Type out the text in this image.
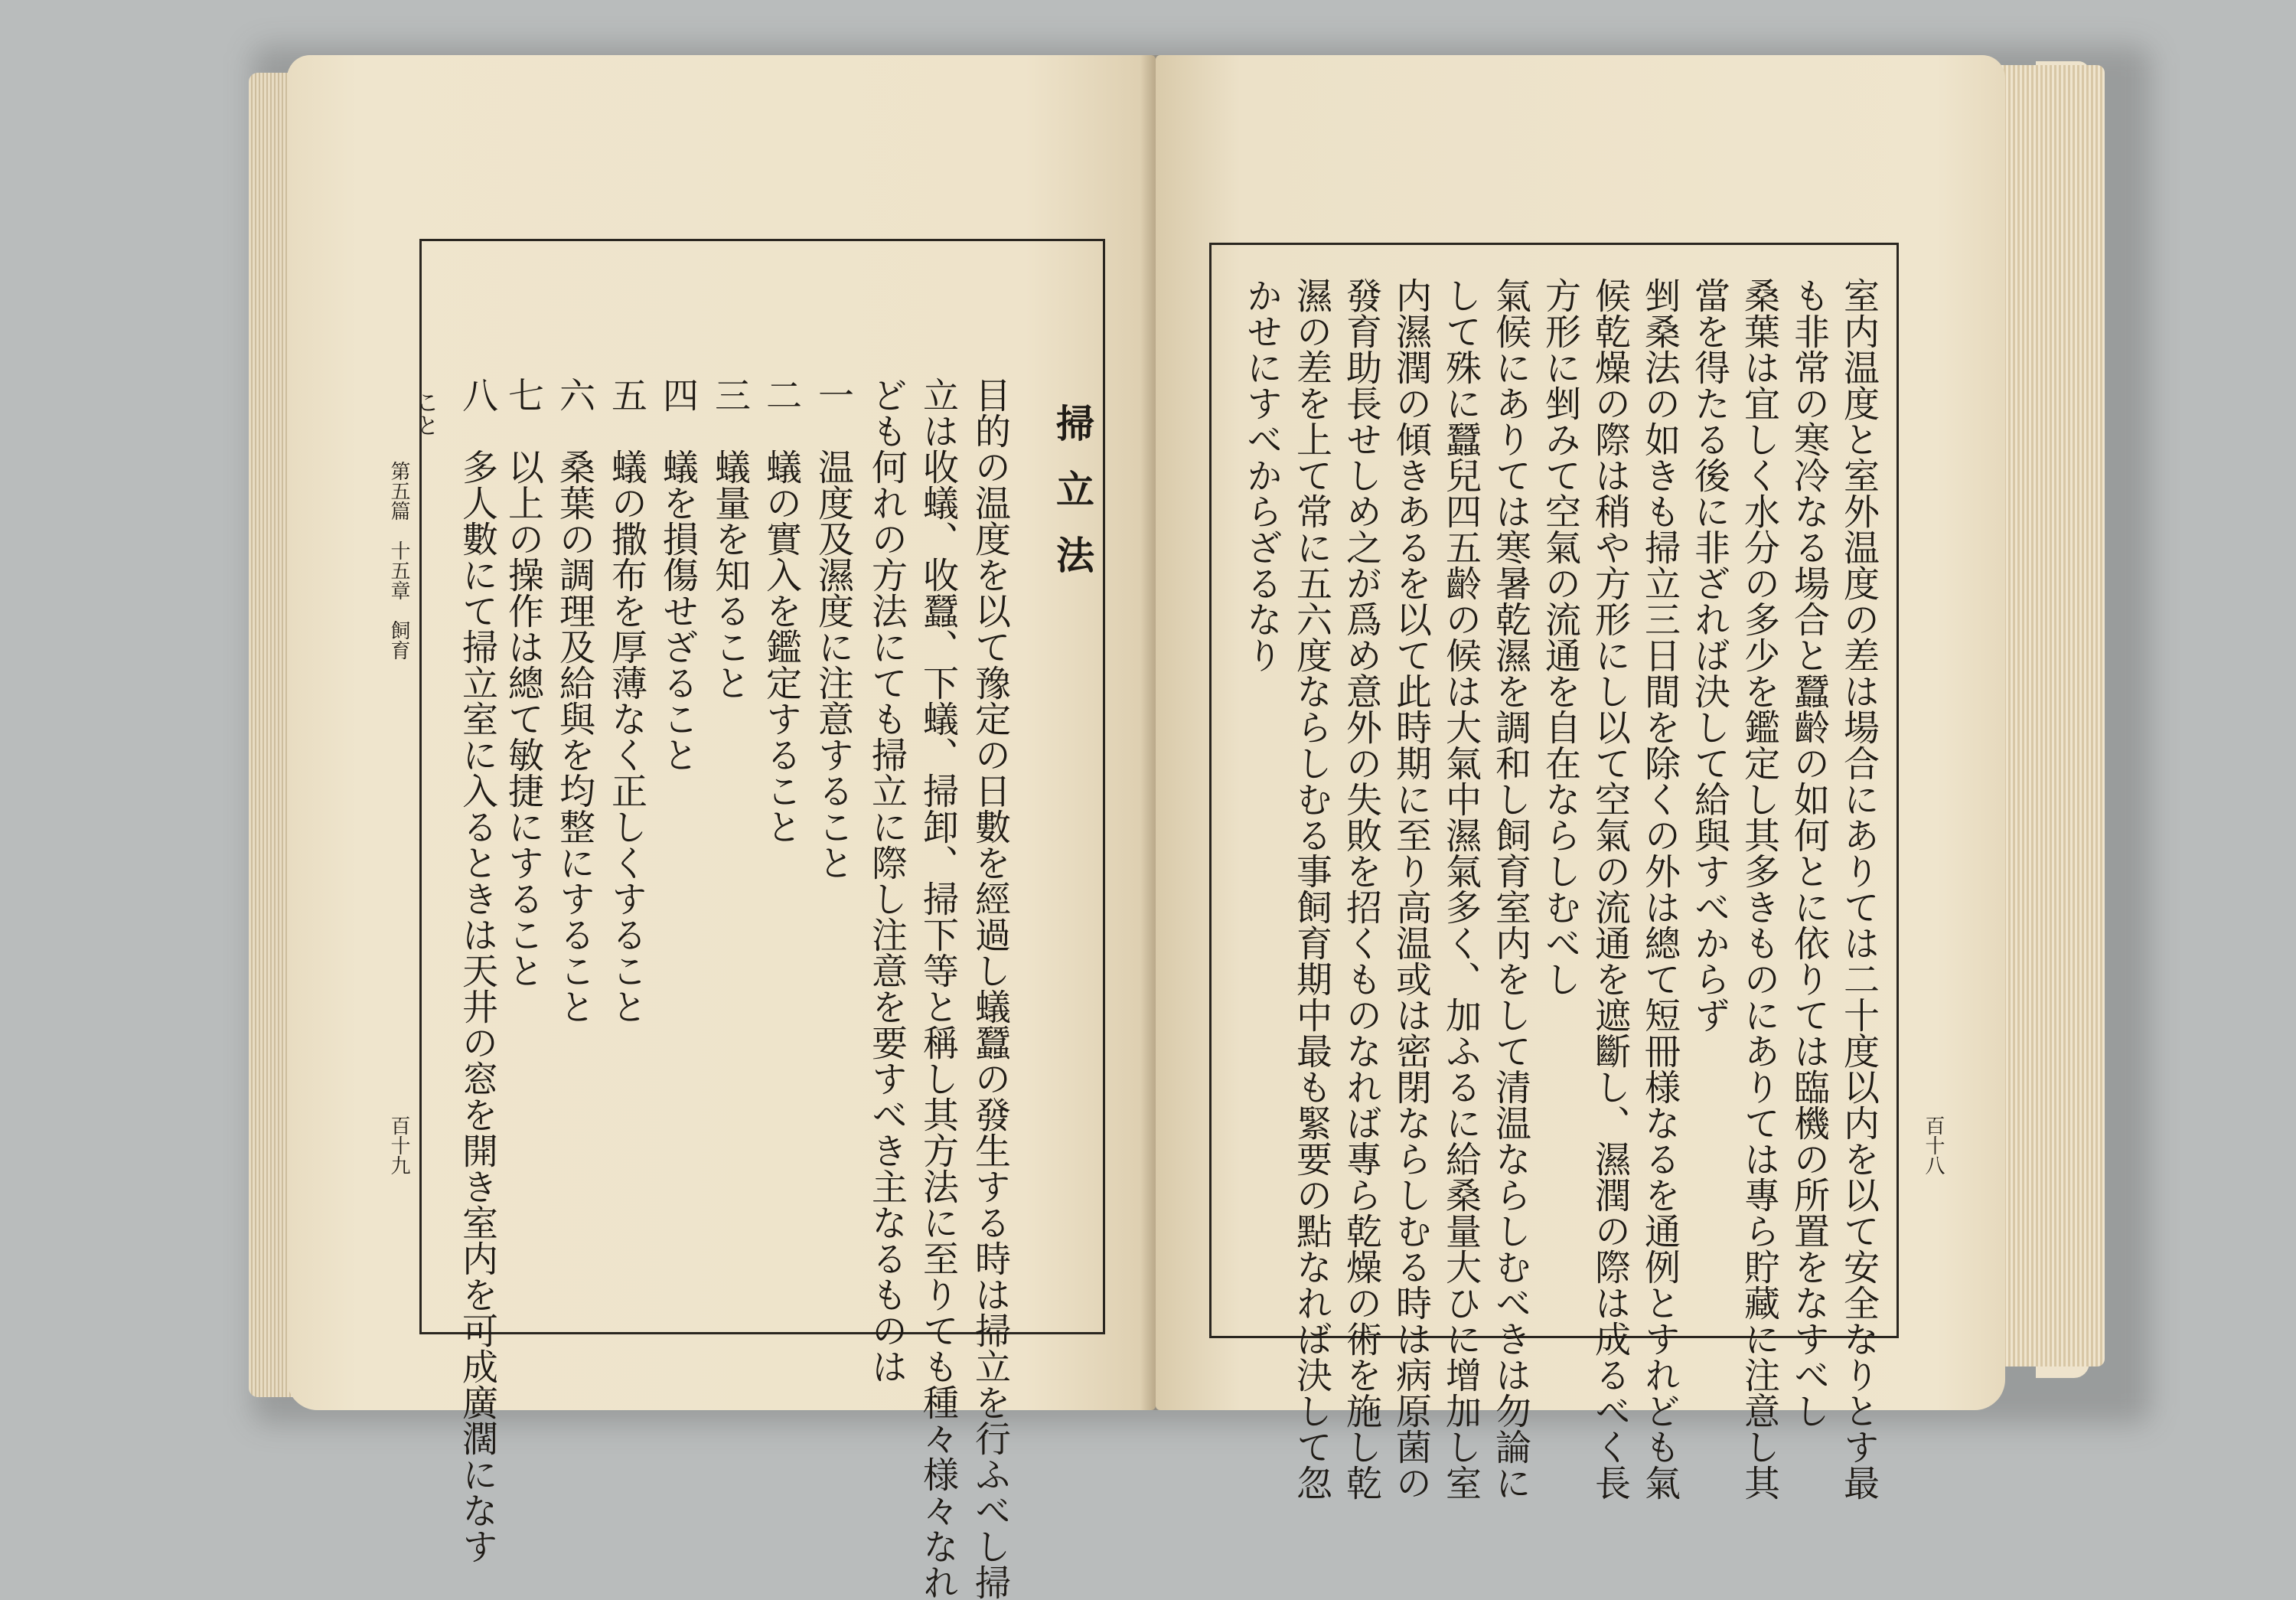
第五篇　十五章　飼育
百十九
掃立法
目的の温度を以て豫定の日數を經過し蟻蠶の發生する時は掃立を行ふべし掃
立は收蟻、收蠶、下蟻、掃卸、掃下等と稱し其方法に至りても種々様々なれ
ども何れの方法にても掃立に際し注意を要すべき主なるものは
一　温度及濕度に注意すること
二　蟻の實入を鑑定すること
三　蟻量を知ること
四　蟻を損傷せざること
五　蟻の撒布を厚薄なく正しくすること
六　桑葉の調理及給與を均整にすること
七　以上の操作は總て敏捷にすること
八　多人數にて掃立室に入るときは天井の窓を開き室内を可成廣濶になす
こと
百十八
室内温度と室外温度の差は場合にありては二十度以内を以て安全なりとす最
も非常の寒冷なる場合と蠶齡の如何とに依りては臨機の所置をなすべし
桑葉は宜しく水分の多少を鑑定し其多きものにありては專ら貯藏に注意し其
當を得たる後に非ざれば決して給與すべからず
剉桑法の如きも掃立三日間を除くの外は總て短冊様なるを通例とすれども氣
候乾燥の際は稍や方形にし以て空氣の流通を遮斷し、濕潤の際は成るべく長
方形に剉みて空氣の流通を自在ならしむべし
氣候にありては寒暑乾濕を調和し飼育室内をして清温ならしむべきは勿論に
して殊に蠶兒四五齡の候は大氣中濕氣多く、加ふるに給桑量大ひに增加し室
内濕潤の傾きあるを以て此時期に至り高温或は密閉ならしむる時は病原菌の
發育助長せしめ之が爲め意外の失敗を招くものなれば專ら乾燥の術を施し乾
濕の差を上て常に五六度ならしむる事飼育期中最も緊要の點なれば決して忽
かせにすべからざるなり
